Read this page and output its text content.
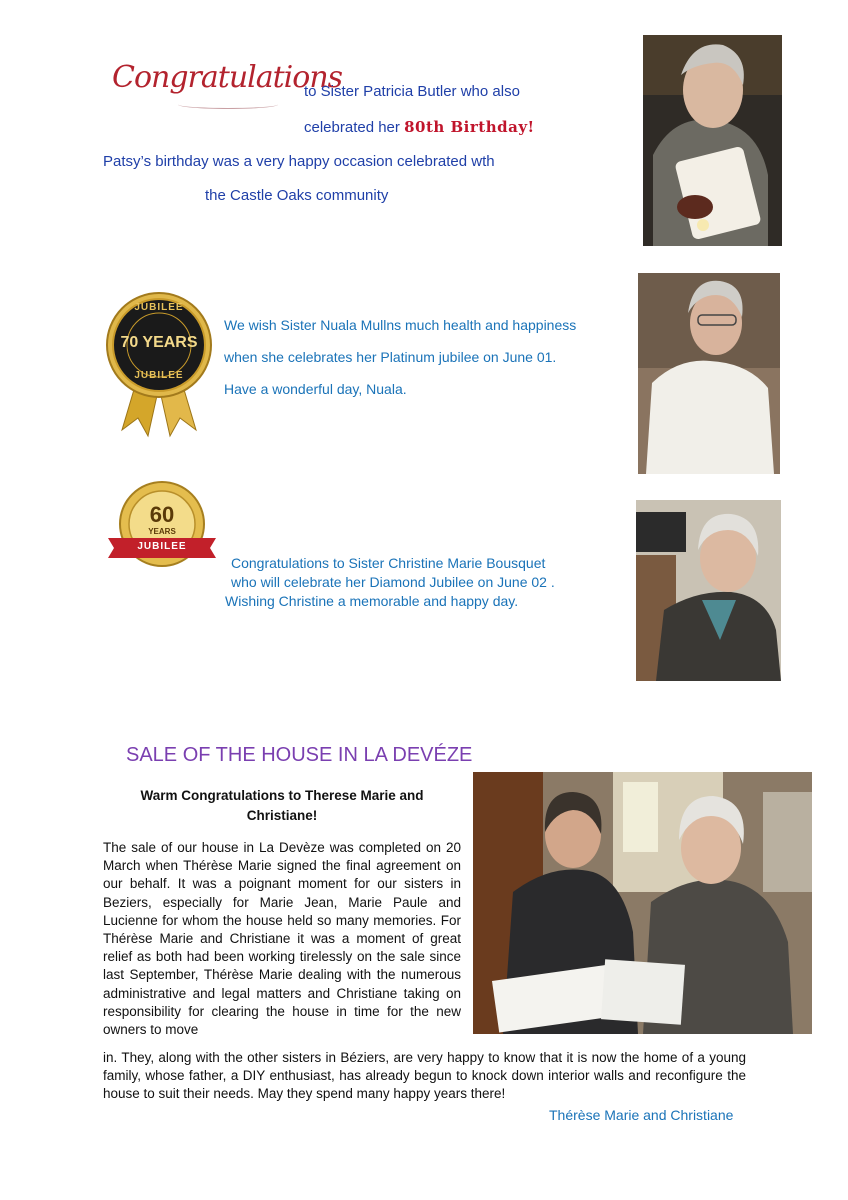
Congratulations
to Sister Patricia Butler who also
celebrated her 80th Birthday!
Patsy’s birthday was a very happy occasion celebrated wth
the Castle Oaks community
JUBILEE
70 YEARS
JUBILEE
We wish Sister Nuala Mullns much health and happiness
when she celebrates her Platinum jubilee on June 01.
Have a wonderful day, Nuala.
60
YEARS
JUBILEE
Congratulations to Sister Christine Marie Bousquet
who will celebrate her Diamond Jubilee on June 02 .
Wishing Christine a memorable and happy day.
SALE OF THE HOUSE IN LA DEVÉZE
Warm Congratulations to Therese Marie and Christiane!
The sale of our house in La Devèze was completed on 20 March when Thérèse Marie signed the final agreement on our behalf. It was a poignant moment for our sisters in Beziers, especially for Marie Jean, Marie Paule and Lucienne for whom the house held so many memories. For Thérèse Marie and Christiane it was a moment of great relief as both had been working tirelessly on the sale since last September, Thérèse Marie dealing with the numerous administrative and legal matters and Christiane taking on responsibility for clearing the house in time for the new owners to move
in. They, along with the other sisters in Béziers, are very happy to know that it is now the home of a young family, whose father, a DIY enthusiast, has already begun to knock down interior walls and reconfigure the house to suit their needs. May they spend many happy years there!
Thérèse Marie and Christiane
